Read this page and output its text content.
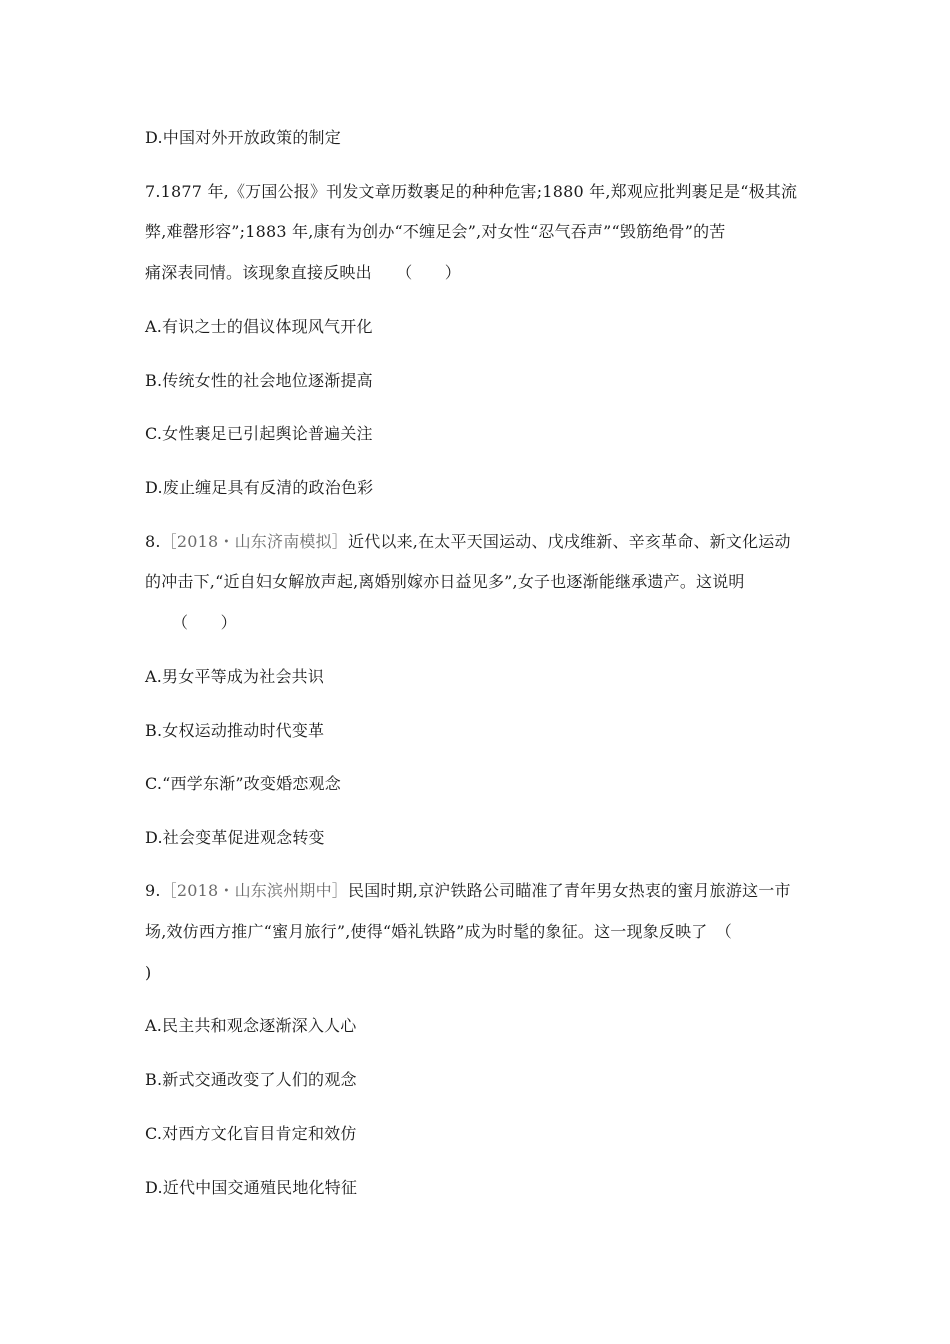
D.中国对外开放政策的制定
7.1877 年,《万国公报》刊发文章历数裹足的种种危害;1880 年,郑观应批判裹足是“极其流
弊,难罄形容”;1883 年,康有为创办“不缠足会”,对女性“忍气吞声”“毁筋绝骨”的苦
痛深表同情。该现象直接反映出　　（　　）
A.有识之士的倡议体现风气开化
B.传统女性的社会地位逐渐提高
C.女性裹足已引起舆论普遍关注
D.废止缠足具有反清的政治色彩
8.［2018・山东济南模拟］近代以来,在太平天国运动、戊戌维新、辛亥革命、新文化运动
的冲击下,“近自妇女解放声起,离婚别嫁亦日益见多”,女子也逐渐能继承遗产。这说明
（　　）
A.男女平等成为社会共识
B.女权运动推动时代变革
C.“西学东渐”改变婚恋观念
D.社会变革促进观念转变
9.［2018・山东滨州期中］民国时期,京沪铁路公司瞄准了青年男女热衷的蜜月旅游这一市
场,效仿西方推广“蜜月旅行”,使得“婚礼铁路”成为时髦的象征。这一现象反映了　（
)
A.民主共和观念逐渐深入人心
B.新式交通改变了人们的观念
C.对西方文化盲目肯定和效仿
D.近代中国交通殖民地化特征
